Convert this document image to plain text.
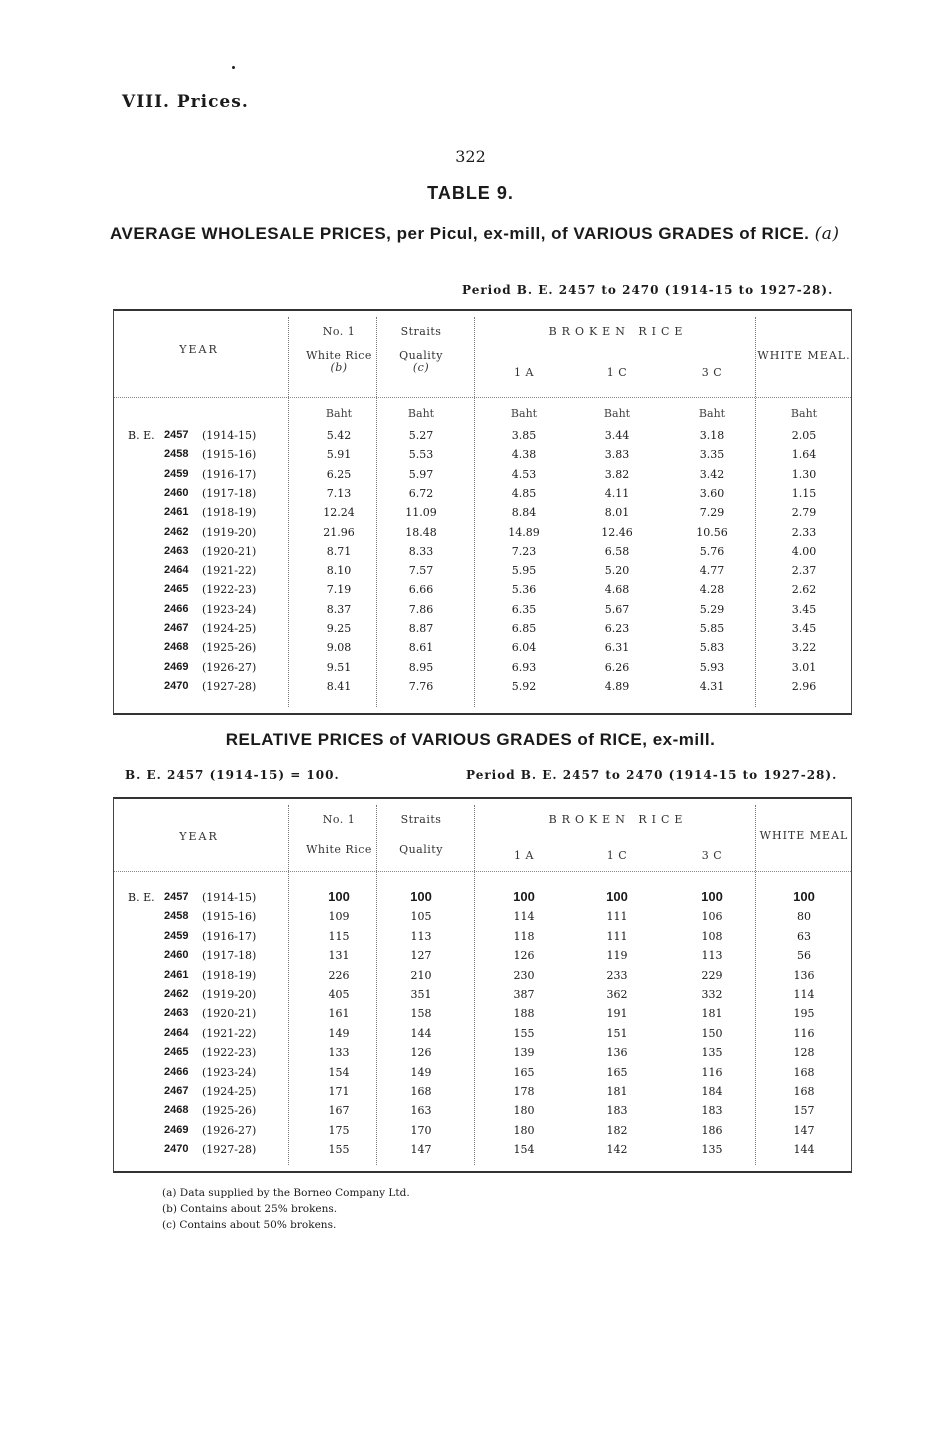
VIII. Prices.
322
TABLE 9.
AVERAGE WHOLESALE PRICES, per Picul, ex-mill, of VARIOUS GRADES of RICE. (a)
Period B. E. 2457 to 2470 (1914-15 to 1927-28).
YEAR
No. 1
White Rice
(b)
Straits
Quality
(c)
BROKEN RICE
1 A	1 C	3 C
WHITE MEAL.
Baht	Baht	Baht	Baht	Baht	Baht
B. E. 2457 (1914-15)	5.42	5.27	3.85	3.44	3.18	2.05
2458 (1915-16)	5.91	5.53	4.38	3.83	3.35	1.64
2459 (1916-17)	6.25	5.97	4.53	3.82	3.42	1.30
2460 (1917-18)	7.13	6.72	4.85	4.11	3.60	1.15
2461 (1918-19)	12.24	11.09	8.84	8.01	7.29	2.79
2462 (1919-20)	21.96	18.48	14.89	12.46	10.56	2.33
2463 (1920-21)	8.71	8.33	7.23	6.58	5.76	4.00
2464 (1921-22)	8.10	7.57	5.95	5.20	4.77	2.37
2465 (1922-23)	7.19	6.66	5.36	4.68	4.28	2.62
2466 (1923-24)	8.37	7.86	6.35	5.67	5.29	3.45
2467 (1924-25)	9.25	8.87	6.85	6.23	5.85	3.45
2468 (1925-26)	9.08	8.61	6.04	6.31	5.83	3.22
2469 (1926-27)	9.51	8.95	6.93	6.26	5.93	3.01
2470 (1927-28)	8.41	7.76	5.92	4.89	4.31	2.96
RELATIVE PRICES of VARIOUS GRADES of RICE, ex-mill.
B. E. 2457 (1914-15) = 100.	Period B. E. 2457 to 2470 (1914-15 to 1927-28).
YEAR
No. 1
White Rice
Straits
Quality
BROKEN RICE
1 A	1 C	3 C
WHITE MEAL
B. E. 2457 (1914-15)	100	100	100	100	100	100
2458 (1915-16)	109	105	114	111	106	80
2459 (1916-17)	115	113	118	111	108	63
2460 (1917-18)	131	127	126	119	113	56
2461 (1918-19)	226	210	230	233	229	136
2462 (1919-20)	405	351	387	362	332	114
2463 (1920-21)	161	158	188	191	181	195
2464 (1921-22)	149	144	155	151	150	116
2465 (1922-23)	133	126	139	136	135	128
2466 (1923-24)	154	149	165	165	116	168
2467 (1924-25)	171	168	178	181	184	168
2468 (1925-26)	167	163	180	183	183	157
2469 (1926-27)	175	170	180	182	186	147
2470 (1927-28)	155	147	154	142	135	144
(a) Data supplied by the Borneo Company Ltd.
(b) Contains about 25% brokens.
(c) Contains about 50% brokens.
